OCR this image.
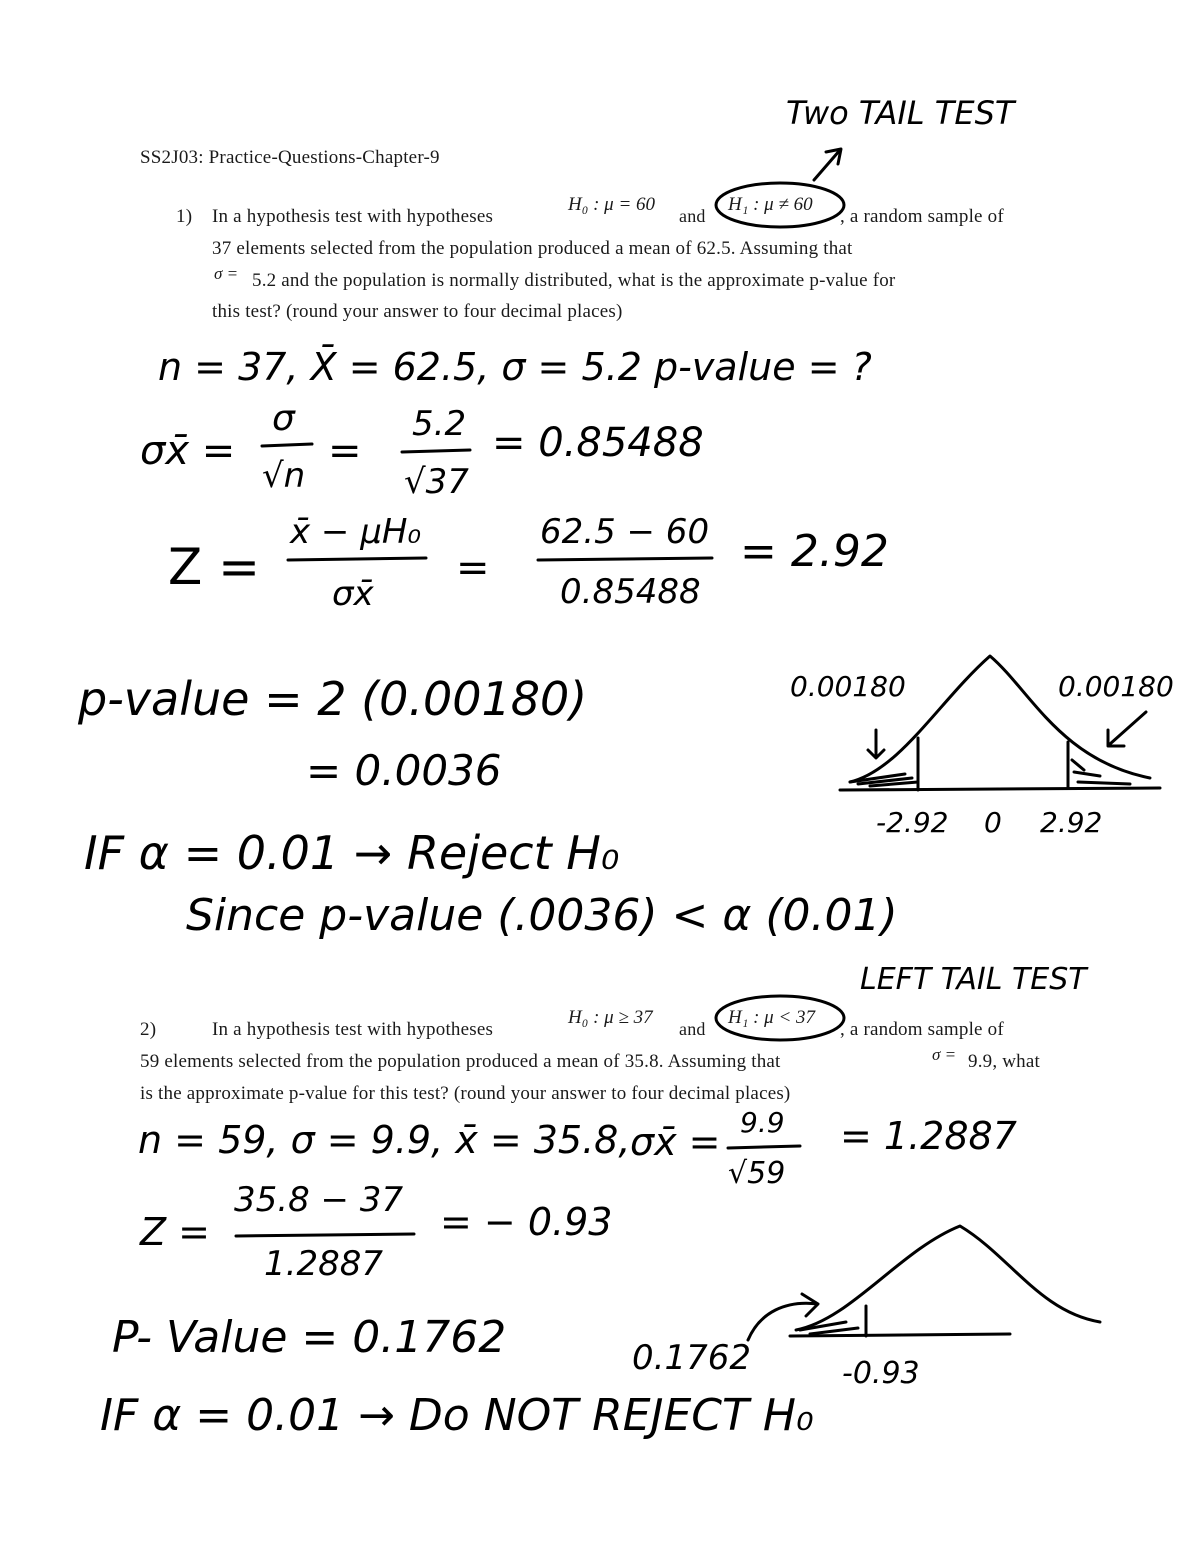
SS2J03: Practice-Questions-Chapter-9
1) In a hypothesis test with hypotheses
H₀ : μ = 60
and
H₁ : μ ≠ 60
, a random sample of
37 elements selected from the population produced a mean of 62.5. Assuming that
σ = 5.2 and the population is normally distributed, what is the approximate p-value for
this test? (round your answer to four decimal places)
2)	In a hypothesis test with hypotheses
H₀ : μ ≥ 37
and
H₁ : μ < 37
, a random sample of
59 elements selected from the population produced a mean of 35.8. Assuming that	σ = 9.9, what
is the approximate p-value for this test? (round your answer to four decimal places)
Two TAIL TEST
n = 37, X̄ = 62.5, σ = 5.2 p-value = ?
σx̄ =
σ
√n
=
5.2
√37
= 0.85488
Z =
x̄ − μH₀
σx̄
=
62.5 − 60
0.85488
= 2.92
p-value = 2 (0.00180)
= 0.0036
IF α = 0.01 → Reject H₀
Since p-value (.0036) < α (0.01)
0.00180	0.00180
-2.92 0 2.92
LEFT TAIL TEST
n = 59, σ = 9.9, x̄ = 35.8, σx̄ = 9.9
√59
= 1.2887
Z =
35.8 − 37
1.2887
= − 0.93
P- Value = 0.1762
IF α = 0.01 → Do NOT REJECT H₀
0.1762	-0.93
